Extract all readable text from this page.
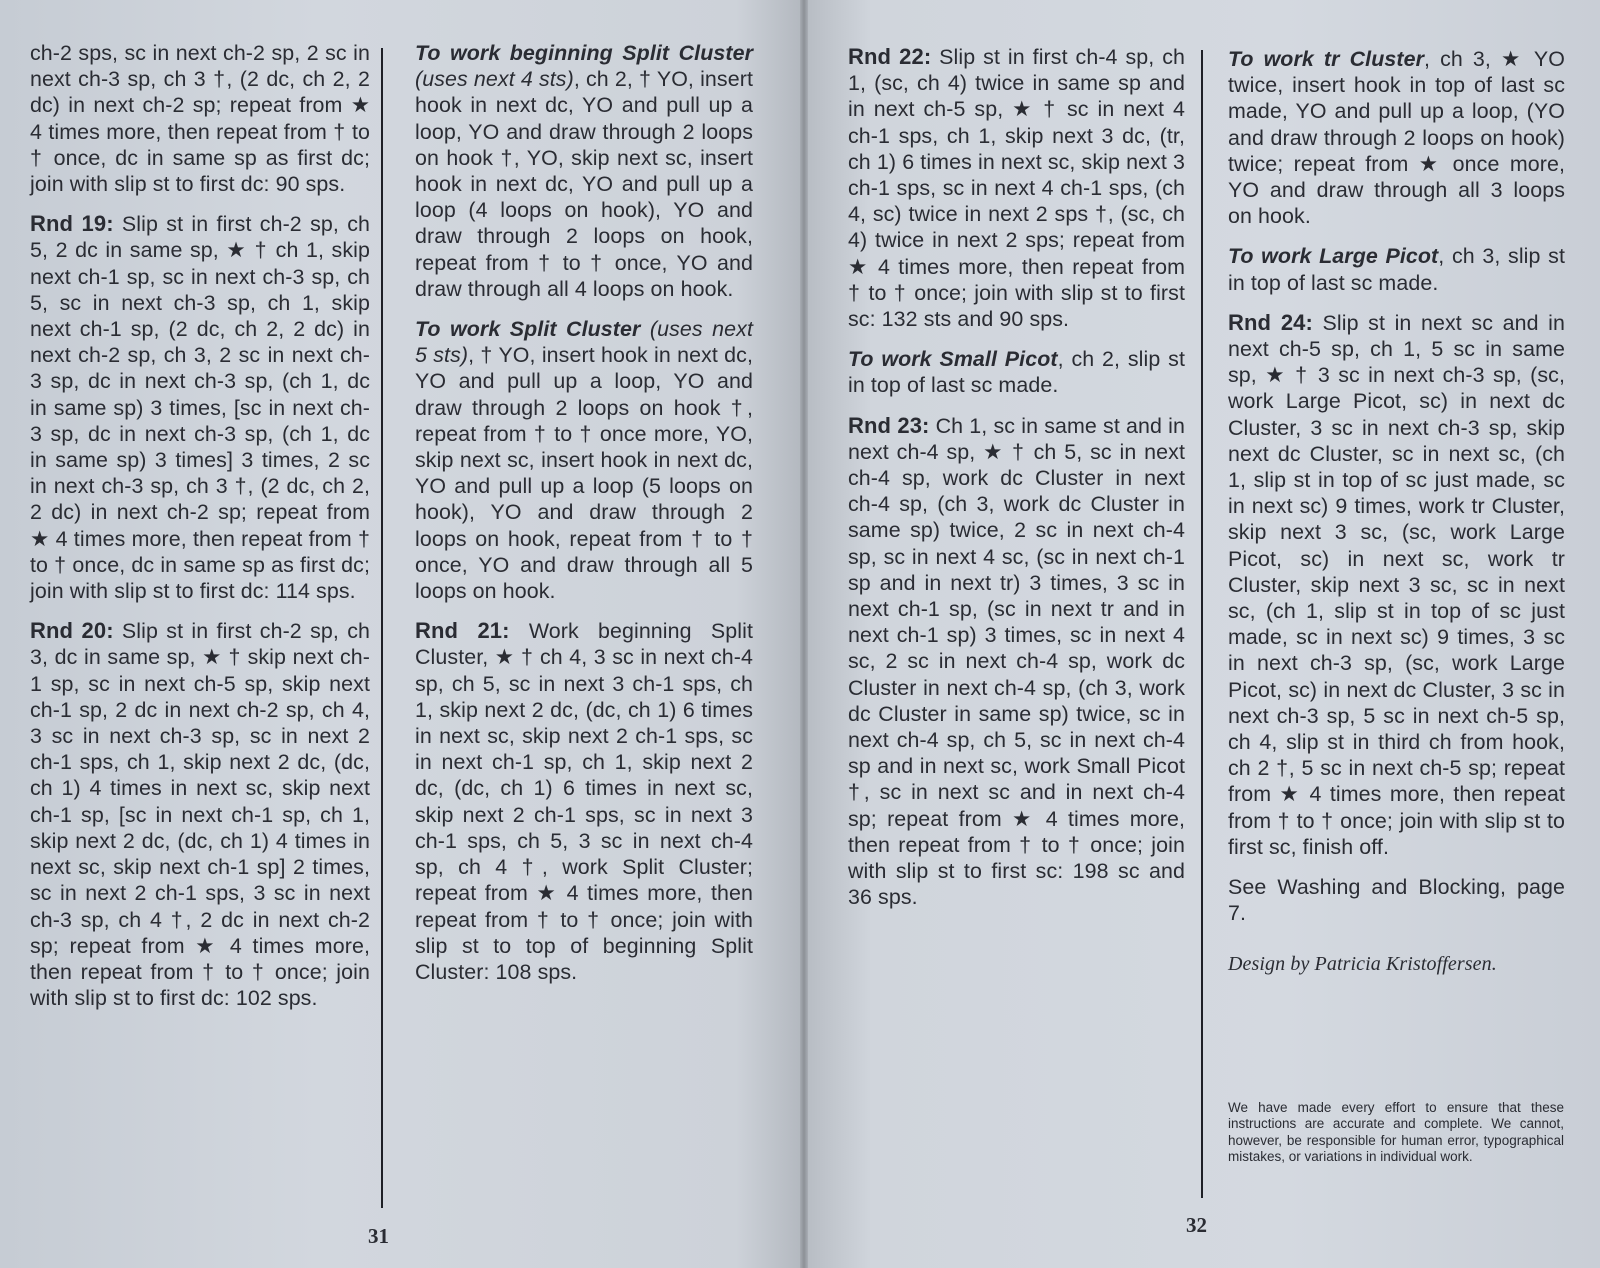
ch-2 sps, sc in next ch-2 sp, 2 sc in next ch-3 sp, ch 3 †, (2 dc, ch 2, 2 dc) in next ch-2 sp; repeat from ★ 4 times more, then repeat from † to † once, dc in same sp as first dc; join with slip st to first dc: 90 sps.

Rnd 19: Slip st in first ch-2 sp, ch 5, 2 dc in same sp, ★ † ch 1, skip next ch-1 sp, sc in next ch-3 sp, ch 5, sc in next ch-3 sp, ch 1, skip next ch-1 sp, (2 dc, ch 2, 2 dc) in next ch-2 sp, ch 3, 2 sc in next ch-3 sp, dc in next ch-3 sp, (ch 1, dc in same sp) 3 times, [sc in next ch-3 sp, dc in next ch-3 sp, (ch 1, dc in same sp) 3 times] 3 times, 2 sc in next ch-3 sp, ch 3 †, (2 dc, ch 2, 2 dc) in next ch-2 sp; repeat from ★ 4 times more, then repeat from † to † once, dc in same sp as first dc; join with slip st to first dc: 114 sps.

Rnd 20: Slip st in first ch-2 sp, ch 3, dc in same sp, ★ † skip next ch-1 sp, sc in next ch-5 sp, skip next ch-1 sp, 2 dc in next ch-2 sp, ch 4, 3 sc in next ch-3 sp, sc in next 2 ch-1 sps, ch 1, skip next 2 dc, (dc, ch 1) 4 times in next sc, skip next ch-1 sp, [sc in next ch-1 sp, ch 1, skip next 2 dc, (dc, ch 1) 4 times in next sc, skip next ch-1 sp] 2 times, sc in next 2 ch-1 sps, 3 sc in next ch-3 sp, ch 4 †, 2 dc in next ch-2 sp; repeat from ★ 4 times more, then repeat from † to † once; join with slip st to first dc: 102 sps.

To work beginning Split Cluster (uses next 4 sts), ch 2, † YO, insert hook in next dc, YO and pull up a loop, YO and draw through 2 loops on hook †, YO, skip next sc, insert hook in next dc, YO and pull up a loop (4 loops on hook), YO and draw through 2 loops on hook, repeat from † to † once, YO and draw through all 4 loops on hook.

To work Split Cluster (uses next 5 sts), † YO, insert hook in next dc, YO and pull up a loop, YO and draw through 2 loops on hook †, repeat from † to † once more, YO, skip next sc, insert hook in next dc, YO and pull up a loop (5 loops on hook), YO and draw through 2 loops on hook, repeat from † to † once, YO and draw through all 5 loops on hook.

Rnd 21: Work beginning Split Cluster, ★ † ch 4, 3 sc in next ch-4 sp, ch 5, sc in next 3 ch-1 sps, ch 1, skip next 2 dc, (dc, ch 1) 6 times in next sc, skip next 2 ch-1 sps, sc in next ch-1 sp, ch 1, skip next 2 dc, (dc, ch 1) 6 times in next sc, skip next 2 ch-1 sps, sc in next 3 ch-1 sps, ch 5, 3 sc in next ch-4 sp, ch 4 †, work Split Cluster; repeat from ★ 4 times more, then repeat from † to † once; join with slip st to top of beginning Split Cluster: 108 sps.

31

Rnd 22: Slip st in first ch-4 sp, ch 1, (sc, ch 4) twice in same sp and in next ch-5 sp, ★ † sc in next 4 ch-1 sps, ch 1, skip next 3 dc, (tr, ch 1) 6 times in next sc, skip next 3 ch-1 sps, sc in next 4 ch-1 sps, (ch 4, sc) twice in next 2 sps †, (sc, ch 4) twice in next 2 sps; repeat from ★ 4 times more, then repeat from † to † once; join with slip st to first sc: 132 sts and 90 sps.

To work Small Picot, ch 2, slip st in top of last sc made.

Rnd 23: Ch 1, sc in same st and in next ch-4 sp, ★ † ch 5, sc in next ch-4 sp, work dc Cluster in next ch-4 sp, (ch 3, work dc Cluster in same sp) twice, 2 sc in next ch-4 sp, sc in next 4 sc, (sc in next ch-1 sp and in next tr) 3 times, 3 sc in next ch-1 sp, (sc in next tr and in next ch-1 sp) 3 times, sc in next 4 sc, 2 sc in next ch-4 sp, work dc Cluster in next ch-4 sp, (ch 3, work dc Cluster in same sp) twice, sc in next ch-4 sp, ch 5, sc in next ch-4 sp and in next sc, work Small Picot †, sc in next sc and in next ch-4 sp; repeat from ★ 4 times more, then repeat from † to † once; join with slip st to first sc: 198 sc and 36 sps.

To work tr Cluster, ch 3, ★ YO twice, insert hook in top of last sc made, YO and pull up a loop, (YO and draw through 2 loops on hook) twice; repeat from ★ once more, YO and draw through all 3 loops on hook.

To work Large Picot, ch 3, slip st in top of last sc made.

Rnd 24: Slip st in next sc and in next ch-5 sp, ch 1, 5 sc in same sp, ★ † 3 sc in next ch-3 sp, (sc, work Large Picot, sc) in next dc Cluster, 3 sc in next ch-3 sp, skip next dc Cluster, sc in next sc, (ch 1, slip st in top of sc just made, sc in next sc) 9 times, work tr Cluster, skip next 3 sc, (sc, work Large Picot, sc) in next sc, work tr Cluster, skip next 3 sc, sc in next sc, (ch 1, slip st in top of sc just made, sc in next sc) 9 times, 3 sc in next ch-3 sp, (sc, work Large Picot, sc) in next dc Cluster, 3 sc in next ch-3 sp, 5 sc in next ch-5 sp, ch 4, slip st in third ch from hook, ch 2 †, 5 sc in next ch-5 sp; repeat from ★ 4 times more, then repeat from † to † once; join with slip st to first sc, finish off.

See Washing and Blocking, page 7.

Design by Patricia Kristoffersen.

We have made every effort to ensure that these instructions are accurate and complete. We cannot, however, be responsible for human error, typographical mistakes, or variations in individual work.
32
